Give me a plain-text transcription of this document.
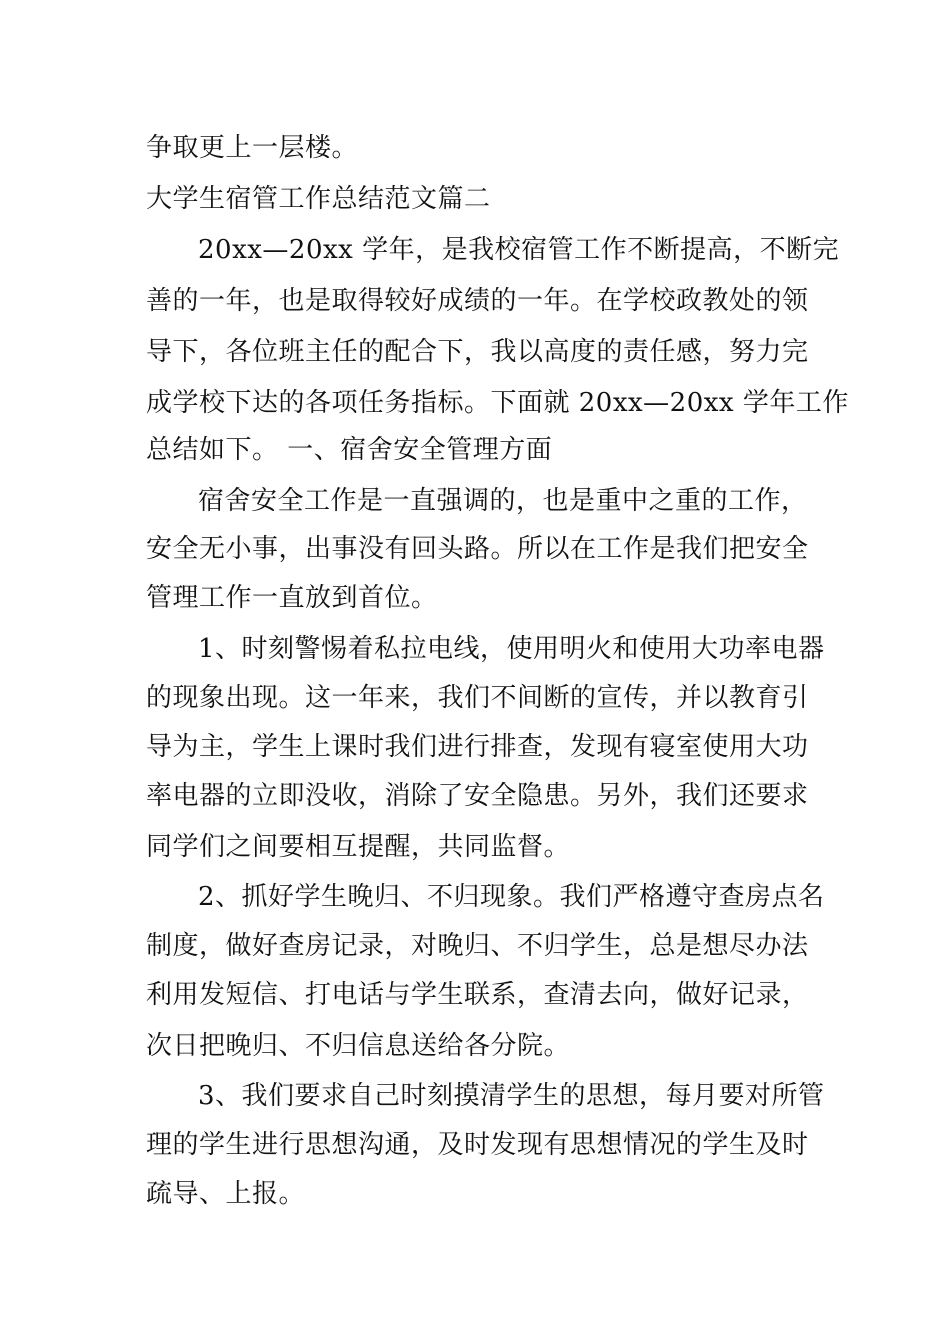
争取更上一层楼。
大学生宿管工作总结范文篇二
20xx—20xx 学年，是我校宿管工作不断提高，不断完
善的一年，也是取得较好成绩的一年。在学校政教处的领
导下，各位班主任的配合下，我以高度的责任感，努力完
成学校下达的各项任务指标。下面就 20xx—20xx 学年工作
总结如下。 一、宿舍安全管理方面
宿舍安全工作是一直强调的，也是重中之重的工作，
安全无小事，出事没有回头路。所以在工作是我们把安全
管理工作一直放到首位。
1、时刻警惕着私拉电线，使用明火和使用大功率电器
的现象出现。这一年来，我们不间断的宣传，并以教育引
导为主，学生上课时我们进行排查，发现有寝室使用大功
率电器的立即没收，消除了安全隐患。另外，我们还要求
同学们之间要相互提醒，共同监督。
2、抓好学生晚归、不归现象。我们严格遵守查房点名
制度，做好查房记录，对晚归、不归学生，总是想尽办法
利用发短信、打电话与学生联系，查清去向，做好记录，
次日把晚归、不归信息送给各分院。
3、我们要求自己时刻摸清学生的思想，每月要对所管
理的学生进行思想沟通，及时发现有思想情况的学生及时
疏导、上报。
